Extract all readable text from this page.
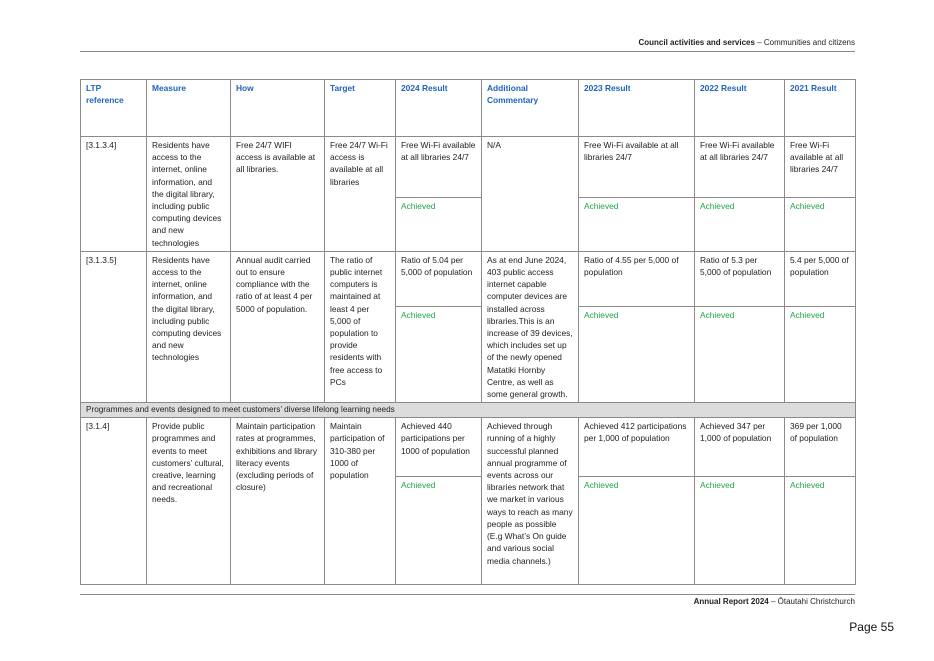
Council activities and services – Communities and citizens
LTP reference	Measure	How	Target	2024 Result	Additional Commentary	2023 Result	2022 Result	2021 Result
[3.1.3.4]	Residents have access to the internet, online information, and the digital library, including public computing devices and new technologies	Free 24/7 WIFI access is available at all libraries.	Free 24/7 Wi-Fi access is available at all libraries	Free Wi-Fi available at all libraries 24/7	N/A	Free Wi-Fi available at all libraries 24/7	Free Wi-Fi available at all libraries 24/7	Free Wi-Fi available at all libraries 24/7
				Achieved		Achieved	Achieved	Achieved
[3.1.3.5]	Residents have access to the internet, online information, and the digital library, including public computing devices and new technologies	Annual audit carried out to ensure compliance with the ratio of at least 4 per 5000 of population.	The ratio of public internet computers is maintained at least 4 per 5,000 of population to provide residents with free access to PCs	Ratio of 5.04 per 5,000 of population	As at end June 2024, 403 public access internet capable computer devices are installed across libraries.This is an increase of 39 devices, which includes set up of the newly opened Matatiki Hornby Centre, as well as some general growth.	Ratio of 4.55 per 5,000 of population	Ratio of 5.3 per 5,000 of population	5.4 per 5,000 of population
				Achieved		Achieved	Achieved	Achieved
Programmes and events designed to meet customers’ diverse lifelong learning needs								
[3.1.4]	Provide public programmes and events to meet customers’ cultural, creative, learning and recreational needs.	Maintain participation rates at programmes, exhibitions and library literacy events (excluding periods of closure)	Maintain participation of 310-380 per 1000 of population	Achieved 440 participations per 1000 of population	Achieved through running of a highly successful planned annual programme of events across our libraries network that we market in various ways to reach as many people as possible (E.g What’s On guide and various social media channels.)	Achieved 412 participations per 1,000 of population	Achieved 347 per 1,000 of population	369 per 1,000 of population
				Achieved		Achieved	Achieved	Achieved
Annual Report 2024 – Ōtautahi Christchurch
Page 55
